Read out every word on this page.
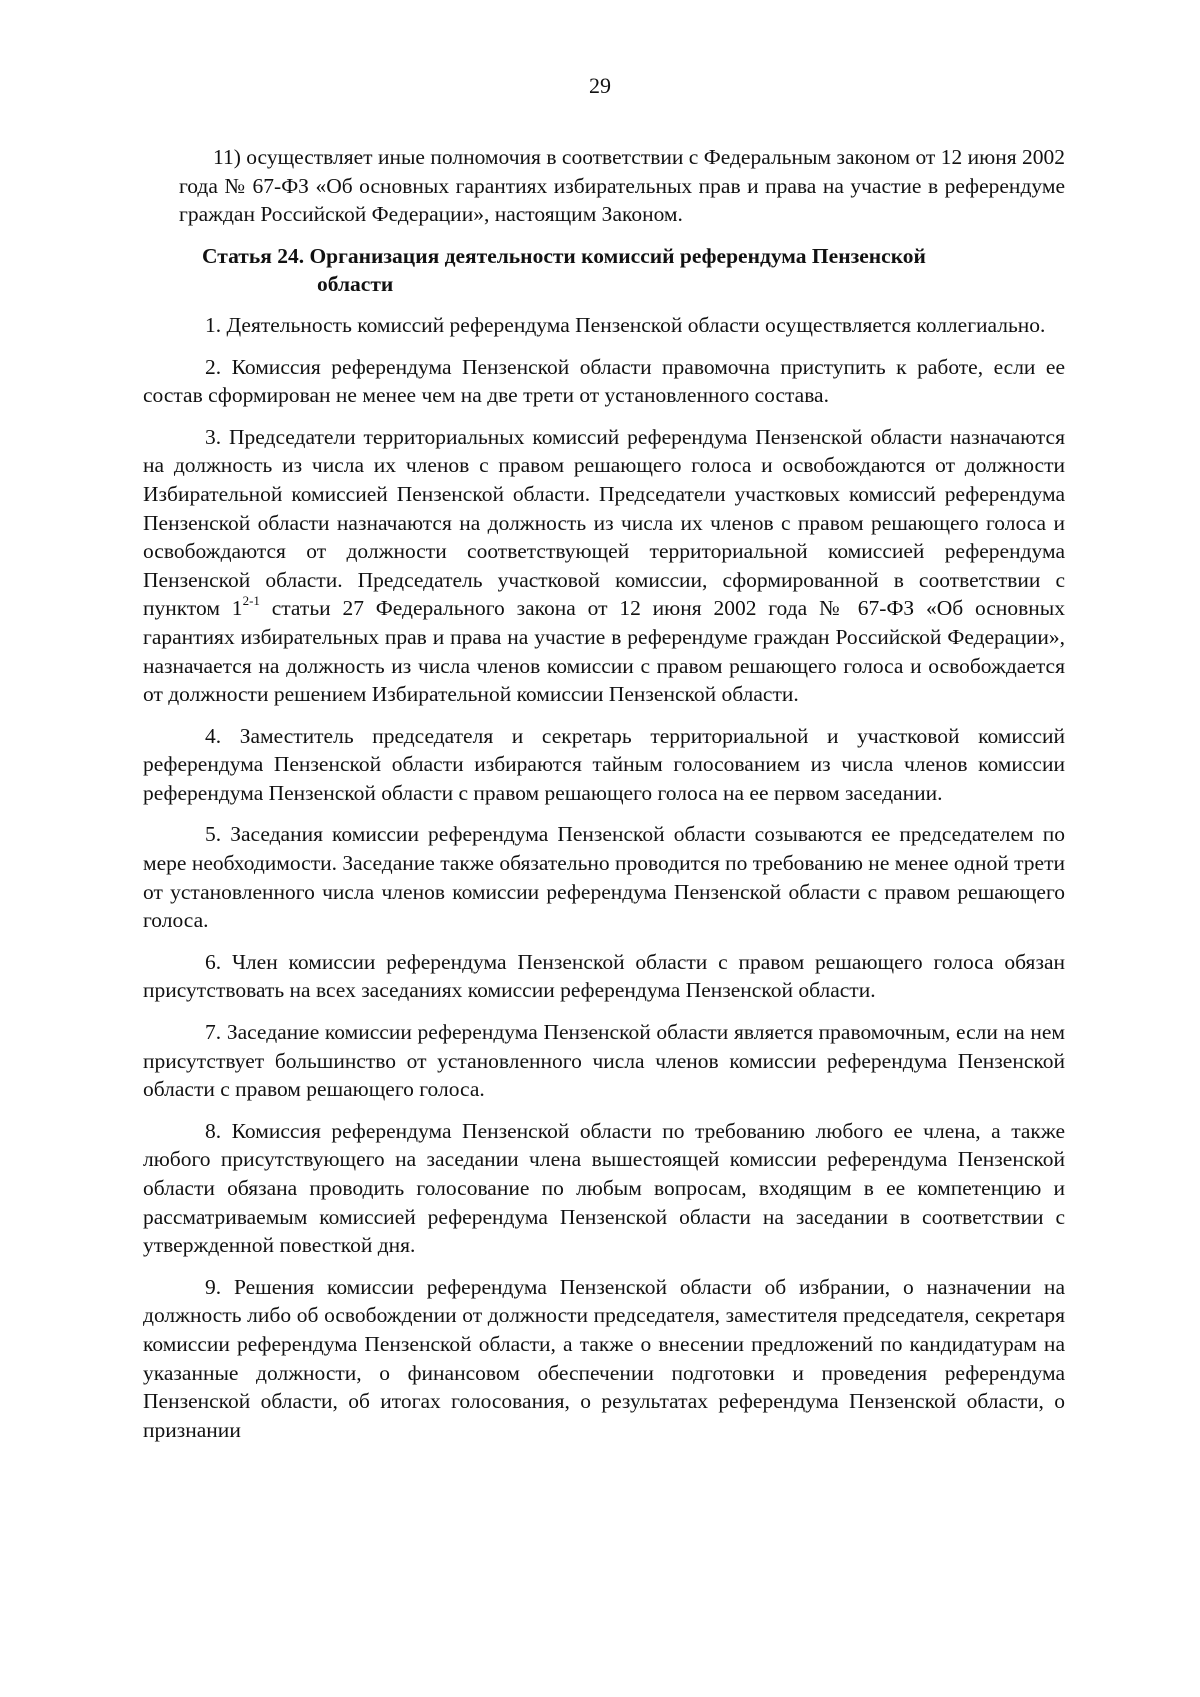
29

11) осуществляет иные полномочия в соответствии с Федеральным законом от 12 июня 2002 года № 67-ФЗ «Об основных гарантиях избирательных прав и права на участие в референдуме граждан Российской Федерации», настоящим Законом.

Статья 24. Организация деятельности комиссий референдума Пензенской
области

1. Деятельность комиссий референдума Пензенской области осуществляется коллегиально.

2. Комиссия референдума Пензенской области правомочна приступить к работе, если ее состав сформирован не менее чем на две трети от установленного состава.

3. Председатели территориальных комиссий референдума Пензенской области назначаются на должность из числа их членов с правом решающего голоса и освобождаются от должности Избирательной комиссией Пензенской области. Председатели участковых комиссий референдума Пензенской области назначаются на должность из числа их членов с правом решающего голоса и освобождаются от должности соответствующей территориальной комиссией референдума Пензенской области. Председатель участковой комиссии, сформированной в соответствии с пунктом 1$^{2-1}$ статьи 27 Федерального закона от 12 июня 2002 года № 67-ФЗ «Об основных гарантиях избирательных прав и права на участие в референдуме граждан Российской Федерации», назначается на должность из числа членов комиссии с правом решающего голоса и освобождается от должности решением Избирательной комиссии Пензенской области.

4. Заместитель председателя и секретарь территориальной и участковой комиссий референдума Пензенской области избираются тайным голосованием из числа членов комиссии референдума Пензенской области с правом решающего голоса на ее первом заседании.

5. Заседания комиссии референдума Пензенской области созываются ее председателем по мере необходимости. Заседание также обязательно проводится по требованию не менее одной трети от установленного числа членов комиссии референдума Пензенской области с правом решающего голоса.

6. Член комиссии референдума Пензенской области с правом решающего голоса обязан присутствовать на всех заседаниях комиссии референдума Пензенской области.

7. Заседание комиссии референдума Пензенской области является правомочным, если на нем присутствует большинство от установленного числа членов комиссии референдума Пензенской области с правом решающего голоса.

8. Комиссия референдума Пензенской области по требованию любого ее члена, а также любого присутствующего на заседании члена вышестоящей комиссии референдума Пензенской области обязана проводить голосование по любым вопросам, входящим в ее компетенцию и рассматриваемым комиссией референдума Пензенской области на заседании в соответствии с утвержденной повесткой дня.

9. Решения комиссии референдума Пензенской области об избрании, о назначении на должность либо об освобождении от должности председателя, заместителя председателя, секретаря комиссии референдума Пензенской области, а также о внесении предложений по кандидатурам на указанные должности, о финансовом обеспечении подготовки и проведения референдума Пензенской области, об итогах голосования, о результатах референдума Пензенской области, о признании
